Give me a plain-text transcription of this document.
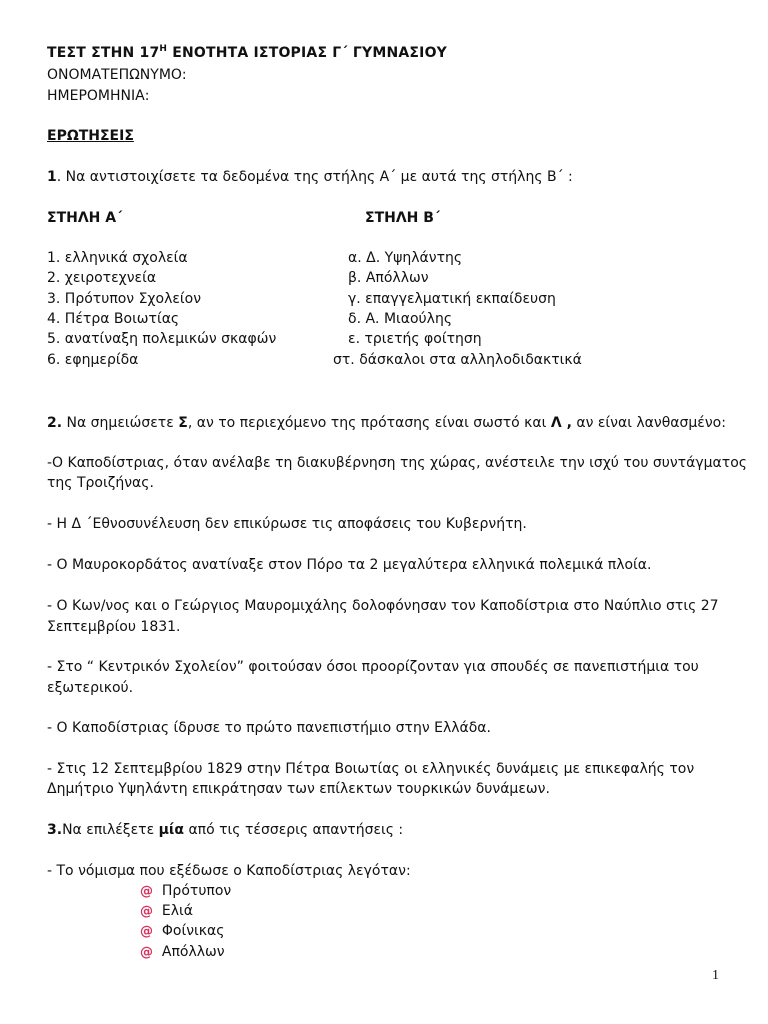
ΤΕΣΤ ΣΤΗΝ $17^H$ ΕΝΟΤΗΤΑ ΙΣΤΟΡΙΑΣ Γ΄ ΓΥΜΝΑΣΙΟΥ
ΟΝΟΜΑΤΕΠΩΝΥΜΟ:
ΗΜΕΡΟΜΗΝΙΑ:
ΕΡΩΤΗΣΕΙΣ
1. Να αντιστοιχίσετε τα δεδομένα της στήλης Α΄ με αυτά της στήλης Β΄ :
ΣΤΗΛΗ Α΄	ΣΤΗΛΗ Β΄
1. ελληνικά σχολεία
2. χειροτεχνεία
3. Πρότυπον Σχολείον
4. Πέτρα Βοιωτίας
5. ανατίναξη πολεμικών σκαφών
6. εφημερίδα
α. Δ. Υψηλάντης
β. Απόλλων
γ. επαγγελματική εκπαίδευση
δ. Α. Μιαούλης
ε. τριετής φοίτηση
στ. δάσκαλοι στα αλληλοδιδακτικά
2. Να σημειώσετε Σ, αν το περιεχόμενο της πρότασης είναι σωστό και Λ , αν είναι λανθασμένο:
-Ο Καποδίστριας, όταν ανέλαβε τη διακυβέρνηση της χώρας, ανέστειλε την ισχύ του συντάγματος
της Τροιζήνας.
- Η Δ ΄Εθνοσυνέλευση δεν επικύρωσε τις αποφάσεις του Κυβερνήτη.
- Ο Μαυροκορδάτος ανατίναξε στον Πόρο τα 2 μεγαλύτερα ελληνικά πολεμικά πλοία.
- Ο Κων/νος και ο Γεώργιος Μαυρομιχάλης δολοφόνησαν τον Καποδίστρια στο Ναύπλιο στις 27
Σεπτεμβρίου 1831.
- Στο “ Κεντρικόν Σχολείον” φοιτούσαν όσοι προορίζονταν για σπουδές σε πανεπιστήμια του
εξωτερικού.
- Ο Καποδίστριας ίδρυσε το πρώτο πανεπιστήμιο στην Ελλάδα.
- Στις 12 Σεπτεμβρίου 1829 στην Πέτρα Βοιωτίας οι ελληνικές δυνάμεις με επικεφαλής τον
Δημήτριο Υψηλάντη επικράτησαν των επίλεκτων τουρκικών δυνάμεων.
3.Να επιλέξετε μία από τις τέσσερις απαντήσεις :
- Το νόμισμα που εξέδωσε ο Καποδίστριας λεγόταν:
@ Πρότυπον
@ Ελιά
@ Φοίνικας
@ Απόλλων
1
